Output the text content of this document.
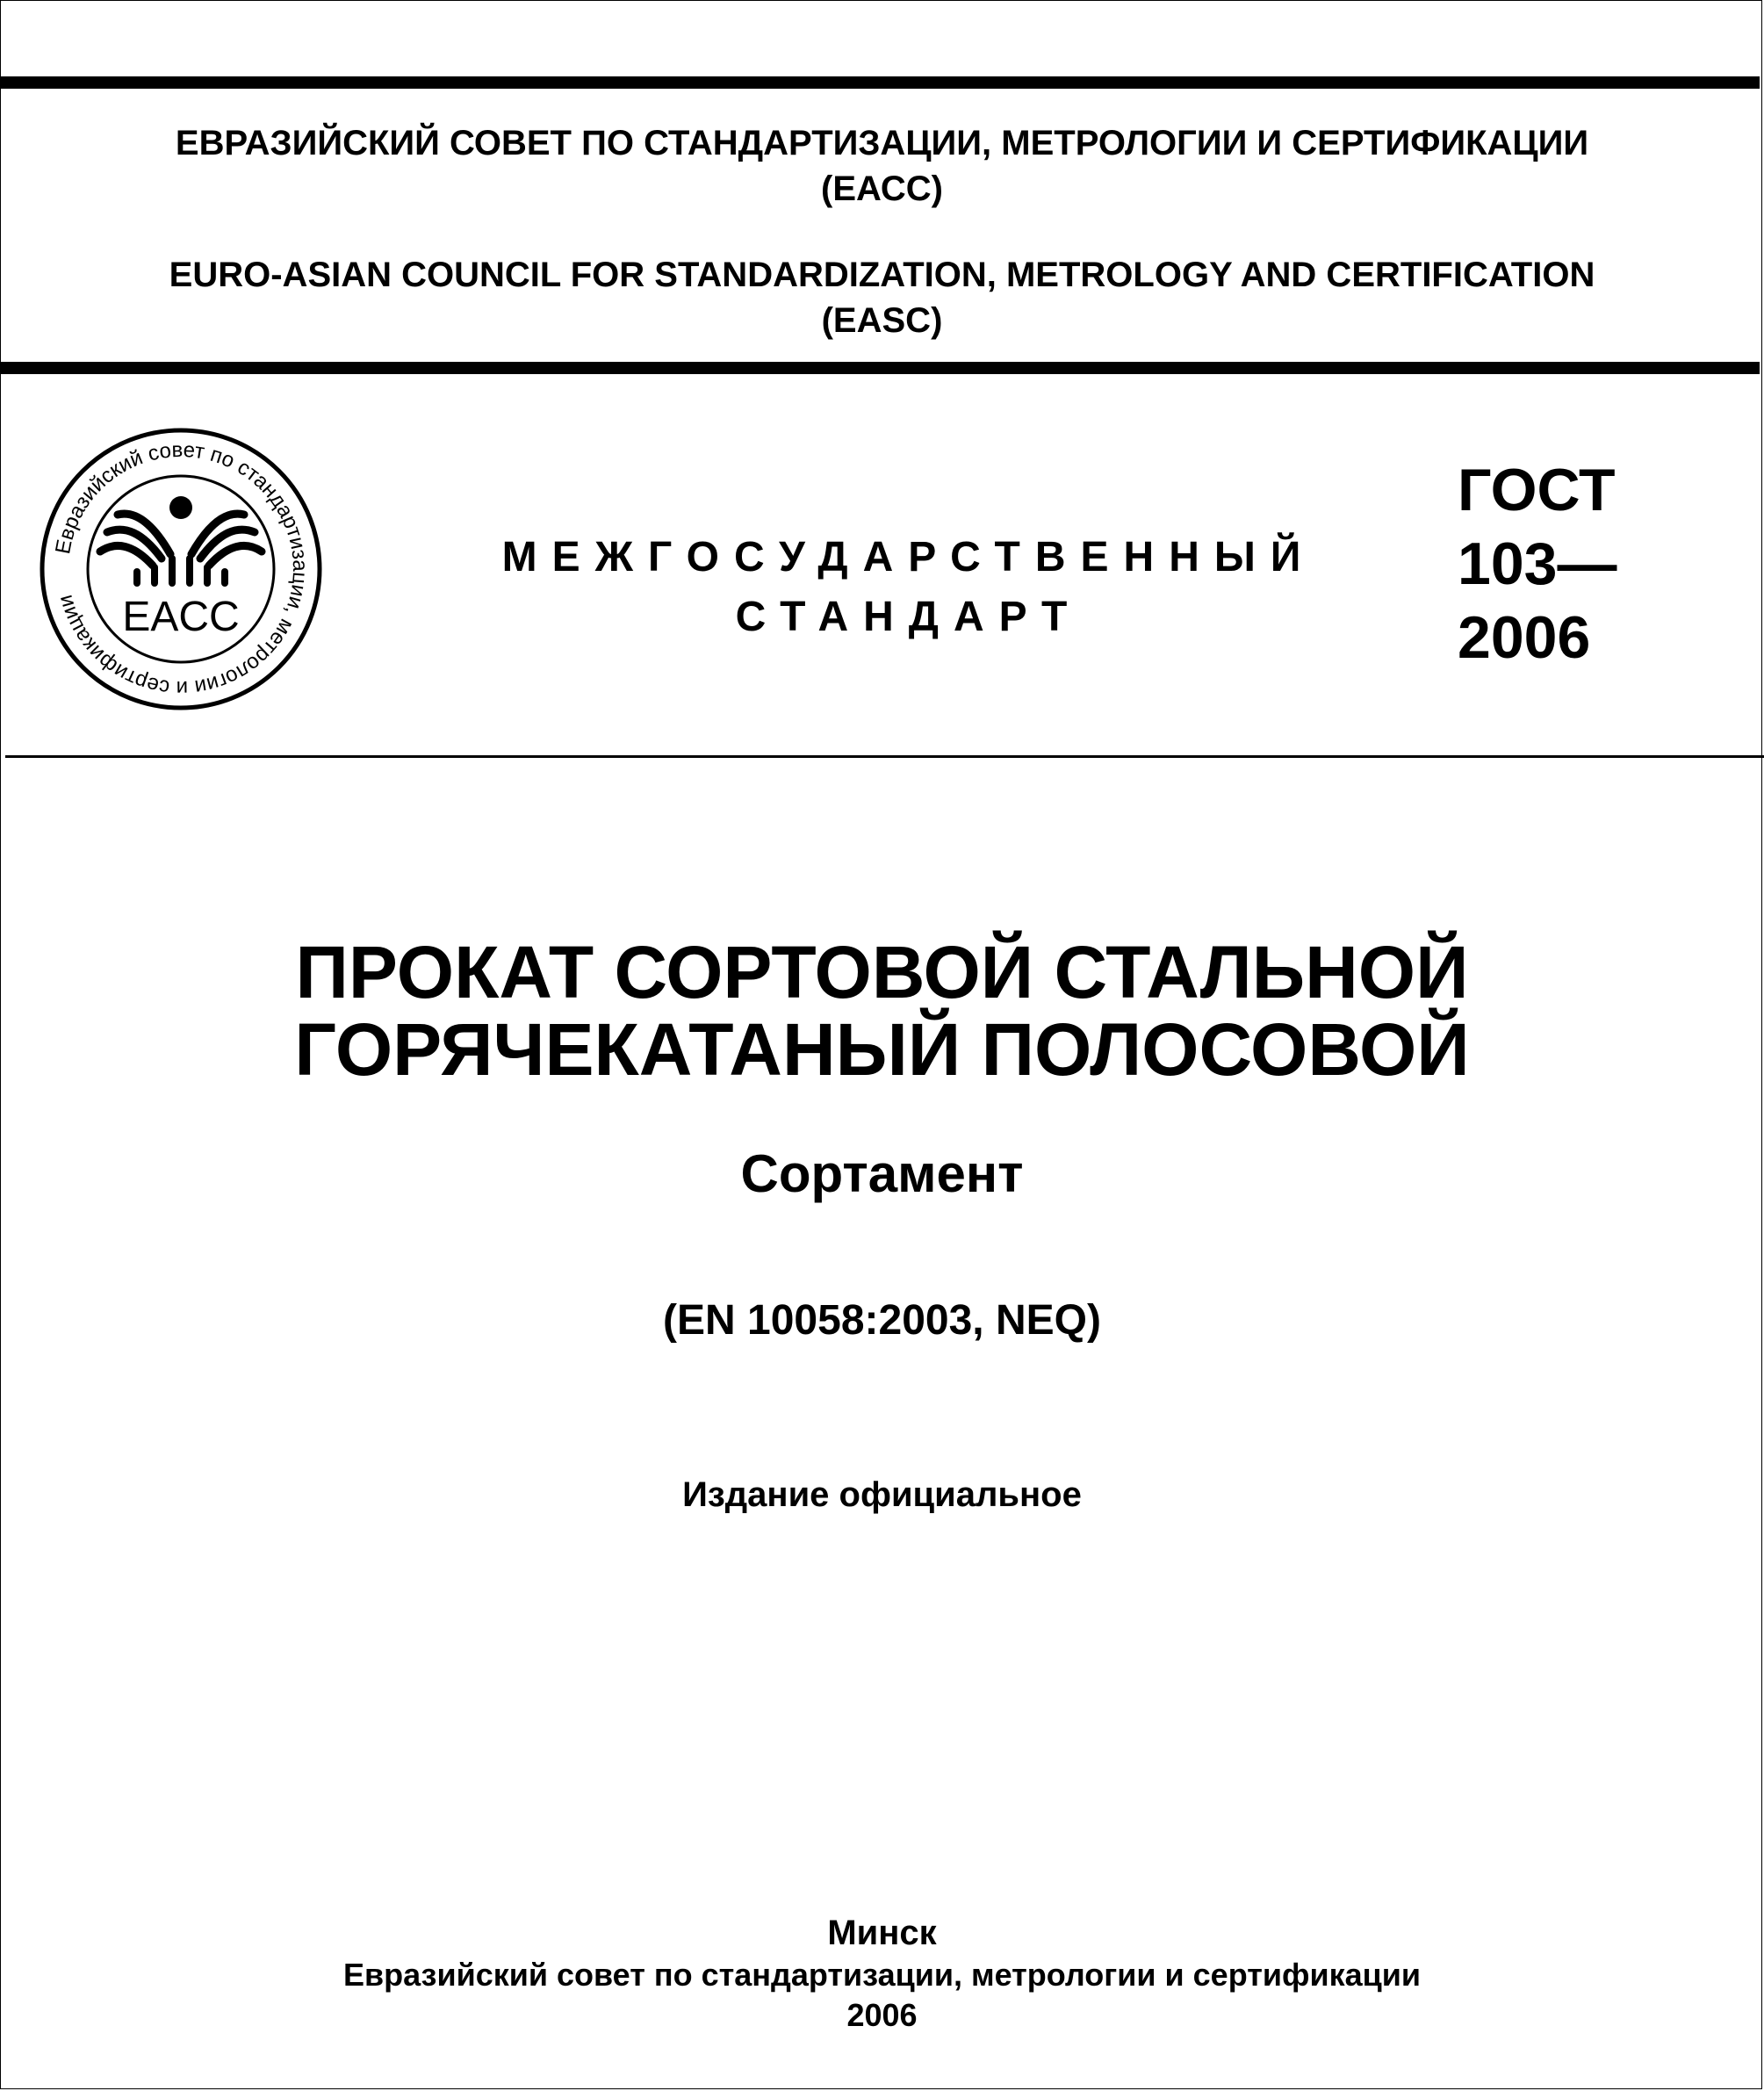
ЕВРАЗИЙСКИЙ СОВЕТ ПО СТАНДАРТИЗАЦИИ, МЕТРОЛОГИИ И СЕРТИФИКАЦИИ
(ЕАСС)
EURO-ASIAN COUNCIL FOR STANDARDIZATION, METROLOGY AND CERTIFICATION
(EASC)
Евразийский совет по стандартизации, метрологии и сертификации	EACC
МЕЖГОСУДАРСТВЕННЫЙ
СТАНДАРТ
ГОСТ
103—
2006
ПРОКАТ СОРТОВОЙ СТАЛЬНОЙ
ГОРЯЧЕКАТАНЫЙ ПОЛОСОВОЙ
Сортамент
(EN 10058:2003, NEQ)
Издание официальное
Минск
Евразийский совет по стандартизации, метрологии и сертификации
2006
